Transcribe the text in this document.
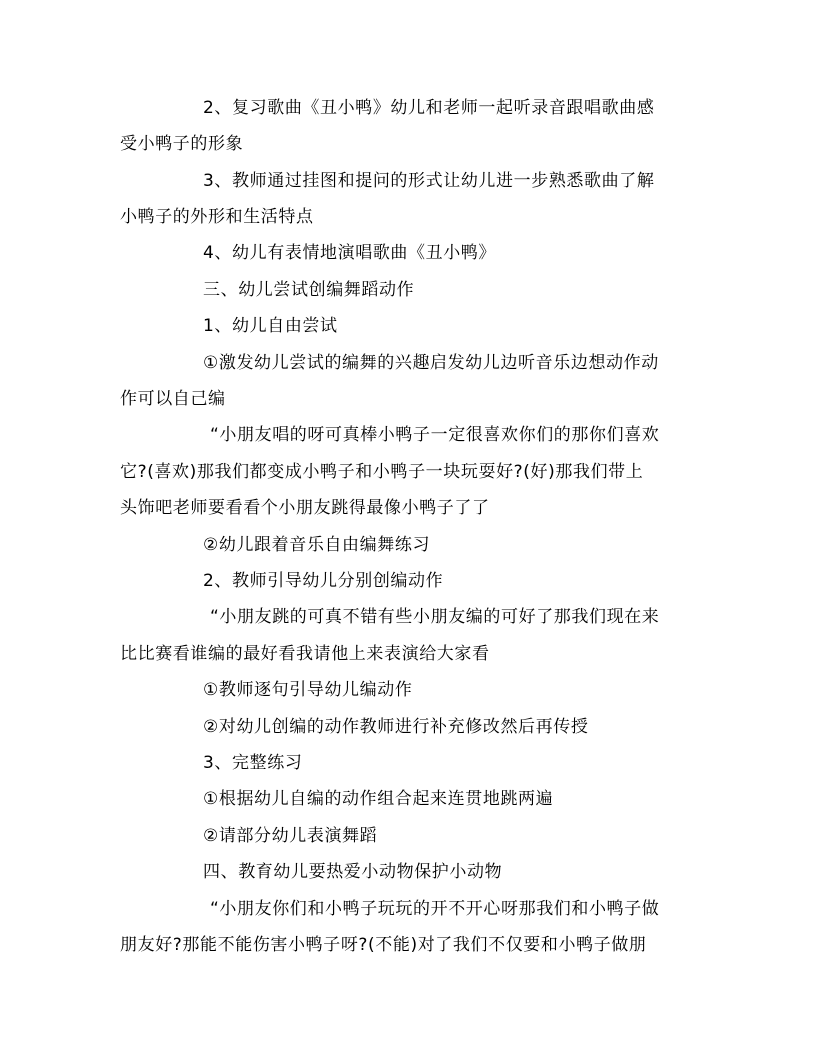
2、复习歌曲《丑小鸭》幼儿和老师一起听录音跟唱歌曲感
受小鸭子的形象
3、教师通过挂图和提问的形式让幼儿进一步熟悉歌曲了解
小鸭子的外形和生活特点
4、幼儿有表情地演唱歌曲《丑小鸭》
三、幼儿尝试创编舞蹈动作
1、幼儿自由尝试
①激发幼儿尝试的编舞的兴趣启发幼儿边听音乐边想动作动
作可以自己编
“小朋友唱的呀可真棒小鸭子一定很喜欢你们的那你们喜欢
它?(喜欢)那我们都变成小鸭子和小鸭子一块玩耍好?(好)那我们带上
头饰吧老师要看看个小朋友跳得最像小鸭子了了
②幼儿跟着音乐自由编舞练习
2、教师引导幼儿分别创编动作
“小朋友跳的可真不错有些小朋友编的可好了那我们现在来
比比赛看谁编的最好看我请他上来表演给大家看
①教师逐句引导幼儿编动作
②对幼儿创编的动作教师进行补充修改然后再传授
3、完整练习
①根据幼儿自编的动作组合起来连贯地跳两遍
②请部分幼儿表演舞蹈
四、教育幼儿要热爱小动物保护小动物
“小朋友你们和小鸭子玩玩的开不开心呀那我们和小鸭子做
朋友好?那能不能伤害小鸭子呀?(不能)对了我们不仅要和小鸭子做朋
